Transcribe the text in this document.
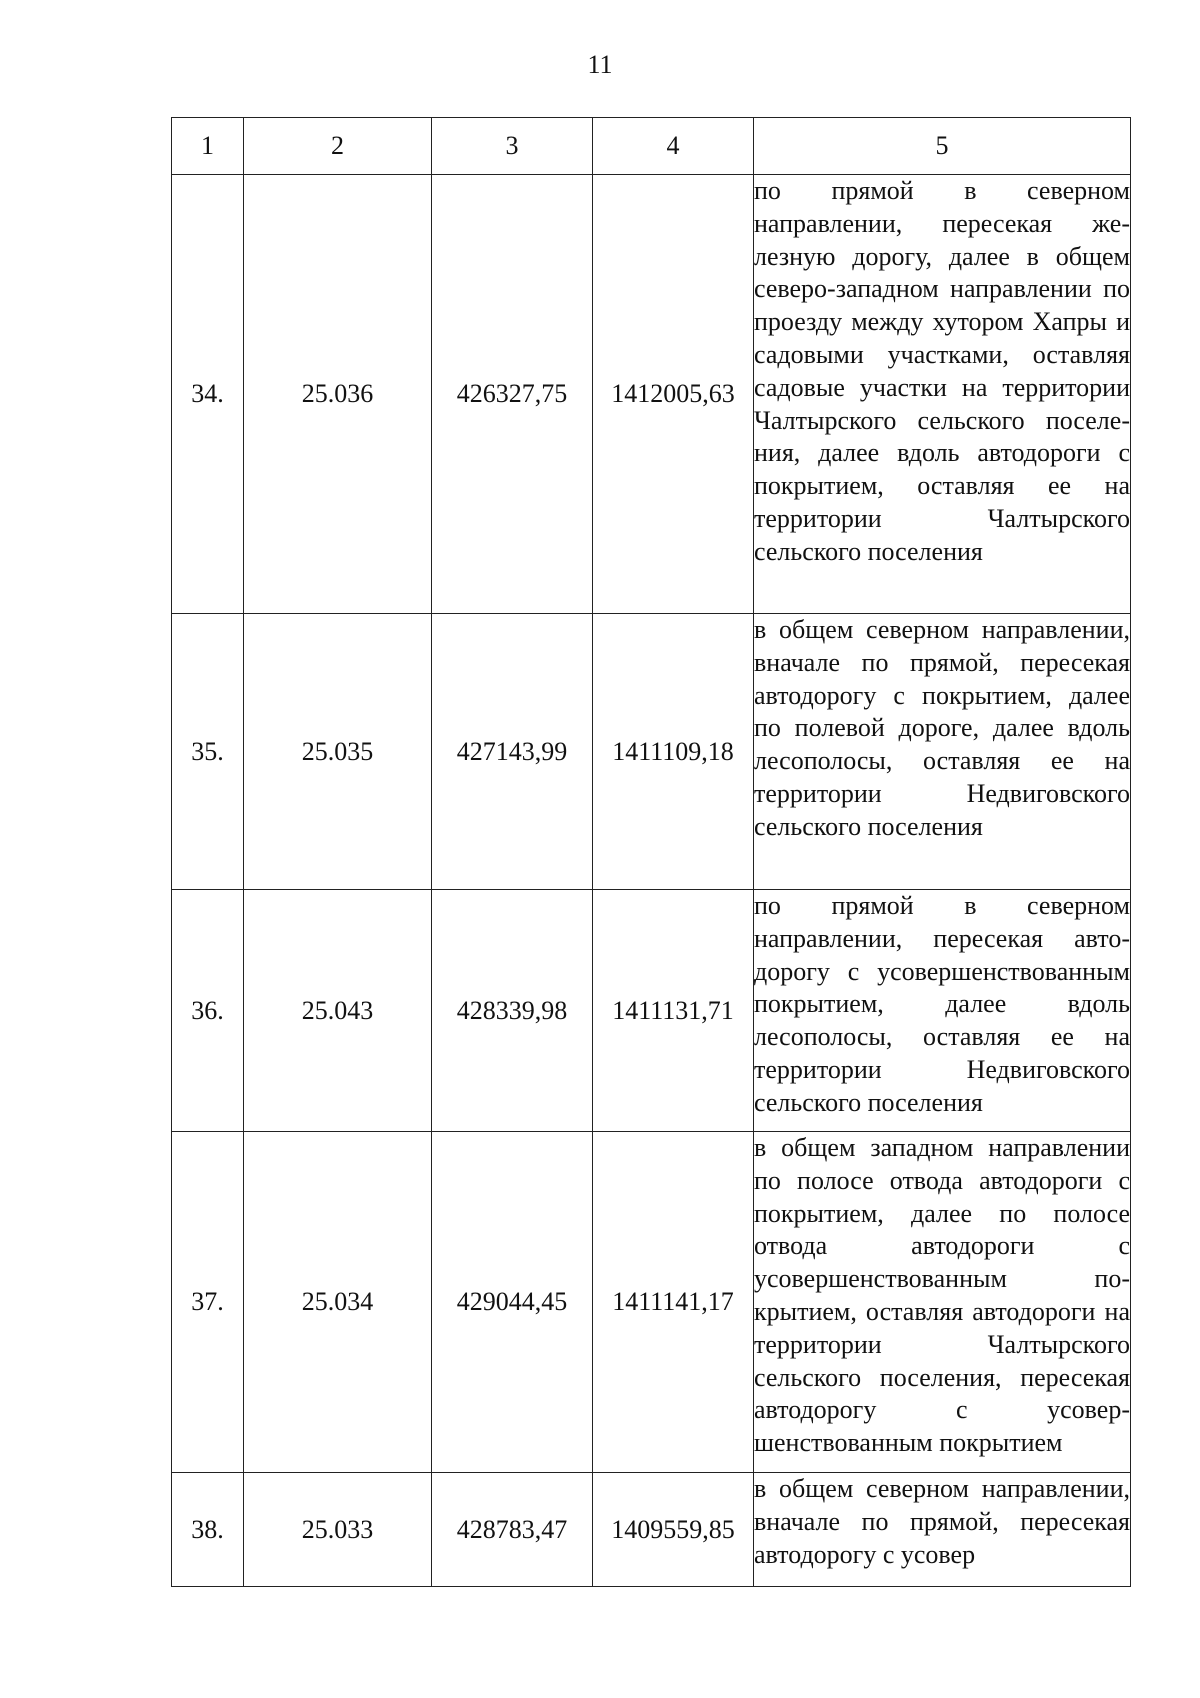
11
1	2	3	4	5
34.	25.036	426327,75	1412005,63	по прямой в северном направлении, пересекая железную дорогу, далее в общем северо-западном направлении по проезду между хутором Хапры и садовыми участками, оставляя садовые участки на территории Чалтырского сельского поселения, далее вдоль автодороги с покрытием, оставляя ее на территории Чалтырского сельского поселения
35.	25.035	427143,99	1411109,18	в общем северном направлении, вначале по прямой, пересекая автодорогу с покрытием, далее по полевой дороге, далее вдоль лесополосы, оставляя ее на территории Недвиговского сельского поселения
36.	25.043	428339,98	1411131,71	по прямой в северном направлении, пересекая автодорогу с усовершенствованным покрытием, далее вдоль лесополосы, оставляя ее на территории Недвиговского сельского поселения
37.	25.034	429044,45	1411141,17	в общем западном направлении по полосе отвода автодороги с покрытием, далее по полосе отвода автодороги с усовершенствованным покрытием, оставляя автодороги на территории Чалтырского сельского поселения, пересекая автодорогу с усовершенствованным покрытием
38.	25.033	428783,47	1409559,85	в общем северном направлении, вначале по прямой, пересекая автодорогу с усовер
